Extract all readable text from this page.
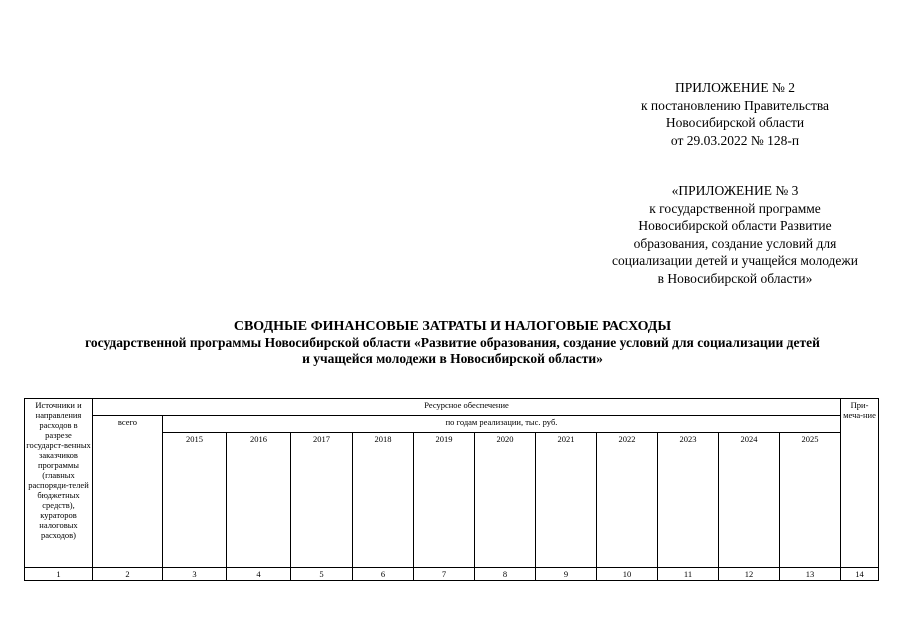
ПРИЛОЖЕНИЕ № 2
к постановлению Правительства
Новосибирской области
от 29.03.2022 № 128-п
«ПРИЛОЖЕНИЕ № 3
к государственной программе
Новосибирской области Развитие
образования, создание условий для
социализации детей и учащейся молодежи
в Новосибирской области»
СВОДНЫЕ ФИНАНСОВЫЕ ЗАТРАТЫ И НАЛОГОВЫЕ РАСХОДЫ
государственной программы Новосибирской области «Развитие образования, создание условий для социализации детей
и учащейся молодежи в Новосибирской области»
Источники и направления расходов в разрезе государст-венных заказчиков программы (главных распоряди-телей бюджетных средств), кураторов налоговых расходов)	Ресурсное обеспечение												При-меча-ние
	всего	по годам реализации, тыс. руб.											
		2015	2016	2017	2018	2019	2020	2021	2022	2023	2024	2025	
1	2	3	4	5	6	7	8	9	10	11	12	13	14
